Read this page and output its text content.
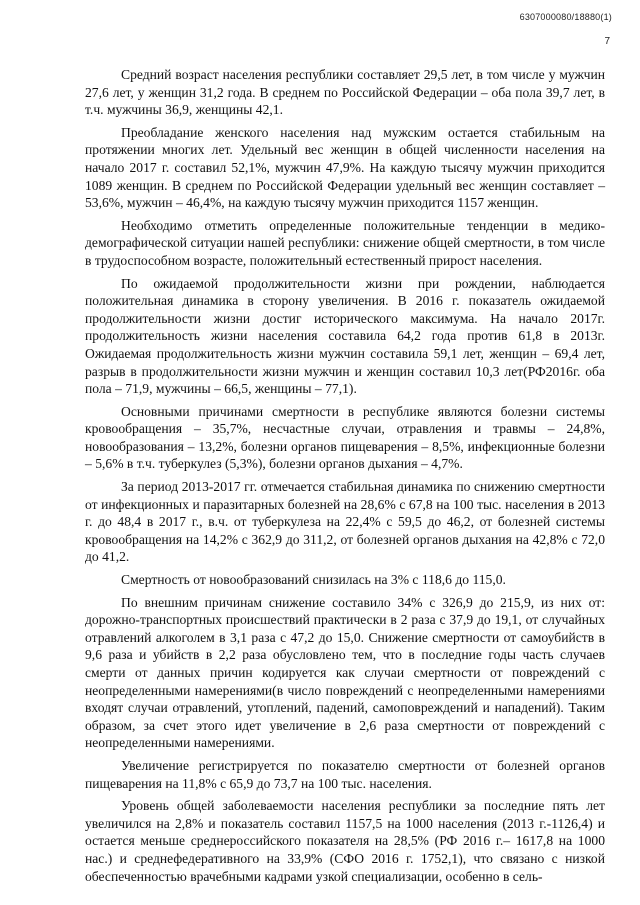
6307000080/18880(1)
7

Средний возраст населения республики составляет 29,5 лет, в том числе у мужчин 27,6 лет, у женщин 31,2 года. В среднем по Российской Федерации – оба пола 39,7 лет, в т.ч. мужчины 36,9, женщины 42,1.

Преобладание женского населения над мужским остается стабильным на протяжении многих лет. Удельный вес женщин в общей численности населения на начало 2017 г. составил 52,1%, мужчин 47,9%. На каждую тысячу мужчин приходится 1089 женщин. В среднем по Российской Федерации удельный вес женщин составляет – 53,6%, мужчин – 46,4%, на каждую тысячу мужчин приходится 1157 женщин.

Необходимо отметить определенные положительные тенденции в медико-демографической ситуации нашей республики: снижение общей смертности, в том числе в трудоспособном возрасте, положительный естественный прирост населения.

По ожидаемой продолжительности жизни при рождении, наблюдается положительная динамика в сторону увеличения. В 2016 г. показатель ожидаемой продолжительности жизни достиг исторического максимума. На начало 2017г. продолжительность жизни населения составила 64,2 года против 61,8 в 2013г. Ожидаемая продолжительность жизни мужчин составила 59,1 лет, женщин – 69,4 лет, разрыв в продолжительности жизни мужчин и женщин составил 10,3 лет(РФ2016г. оба пола – 71,9, мужчины – 66,5, женщины – 77,1).

Основными причинами смертности в республике являются болезни системы кровообращения – 35,7%, несчастные случаи, отравления и травмы – 24,8%, новообразования – 13,2%, болезни органов пищеварения – 8,5%, инфекционные болезни – 5,6% в т.ч. туберкулез (5,3%), болезни органов дыхания – 4,7%.

За период 2013-2017 гг. отмечается стабильная динамика по снижению смертности от инфекционных и паразитарных болезней на 28,6% с 67,8 на 100 тыс. населения в 2013 г. до 48,4 в 2017 г., в.ч. от туберкулеза на 22,4% с 59,5 до 46,2, от болезней системы кровообращения на 14,2% с 362,9 до 311,2, от болезней органов дыхания на 42,8% с 72,0 до 41,2.

Смертность от новообразований снизилась на 3% с 118,6 до 115,0.

По внешним причинам снижение составило 34% с 326,9 до 215,9, из них от: дорожно-транспортных происшествий практически в 2 раза с 37,9 до 19,1, от случайных отравлений алкоголем в 3,1 раза с 47,2 до 15,0. Снижение смертности от самоубийств в 9,6 раза и убийств в 2,2 раза обусловлено тем, что в последние годы часть случаев смерти от данных причин кодируется как случаи смертности от повреждений с неопределенными намерениями(в число повреждений с неопределенными намерениями входят случаи отравлений, утоплений, падений, самоповреждений и нападений). Таким образом, за счет этого идет увеличение в 2,6 раза смертности от повреждений с неопределенными намерениями.

Увеличение регистрируется по показателю смертности от болезней органов пищеварения на 11,8% с 65,9 до 73,7 на 100 тыс. населения.

Уровень общей заболеваемости населения республики за последние пять лет увеличился на 2,8% и показатель составил 1157,5 на 1000 населения (2013 г.-1126,4) и остается меньше среднероссийского показателя на 28,5% (РФ 2016 г.– 1617,8 на 1000 нас.) и среднефедеративного на 33,9% (СФО 2016 г. 1752,1), что связано с низкой обеспеченностью врачебными кадрами узкой специализации, особенно в сель-
